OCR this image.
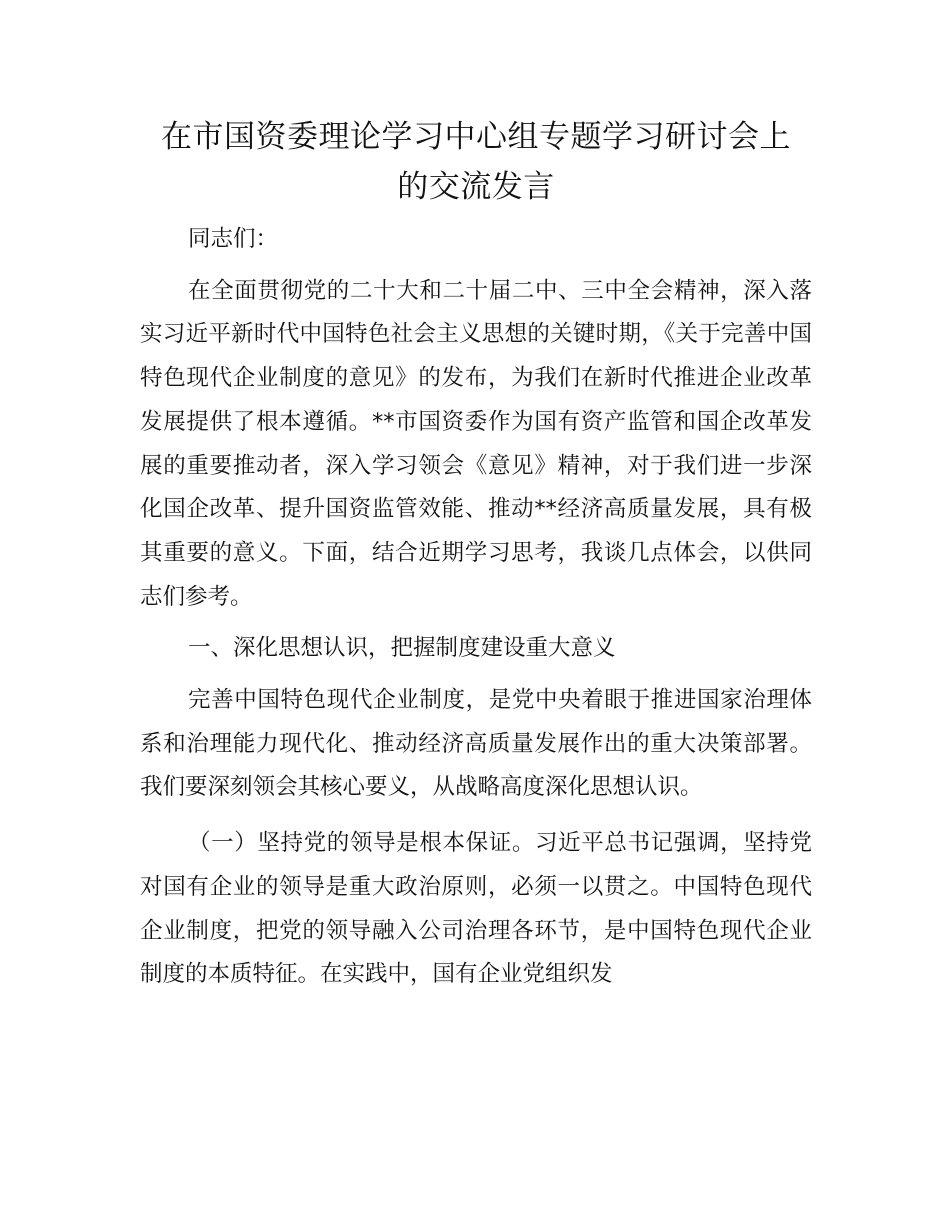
在市国资委理论学习中心组专题学习研讨会上
的交流发言

同志们：

在全面贯彻党的二十大和二十届二中、三中全会精神，深入落实习近平新时代中国特色社会主义思想的关键时期，《关于完善中国特色现代企业制度的意见》的发布，为我们在新时代推进企业改革发展提供了根本遵循。**市国资委作为国有资产监管和国企改革发展的重要推动者，深入学习领会《意见》精神，对于我们进一步深化国企改革、提升国资监管效能、推动**经济高质量发展，具有极其重要的意义。下面，结合近期学习思考，我谈几点体会，以供同志们参考。

一、深化思想认识，把握制度建设重大意义

完善中国特色现代企业制度，是党中央着眼于推进国家治理体系和治理能力现代化、推动经济高质量发展作出的重大决策部署。我们要深刻领会其核心要义，从战略高度深化思想认识。

（一）坚持党的领导是根本保证。习近平总书记强调，坚持党对国有企业的领导是重大政治原则，必须一以贯之。中国特色现代企业制度，把党的领导融入公司治理各环节，是中国特色现代企业制度的本质特征。在实践中，国有企业党组织发
